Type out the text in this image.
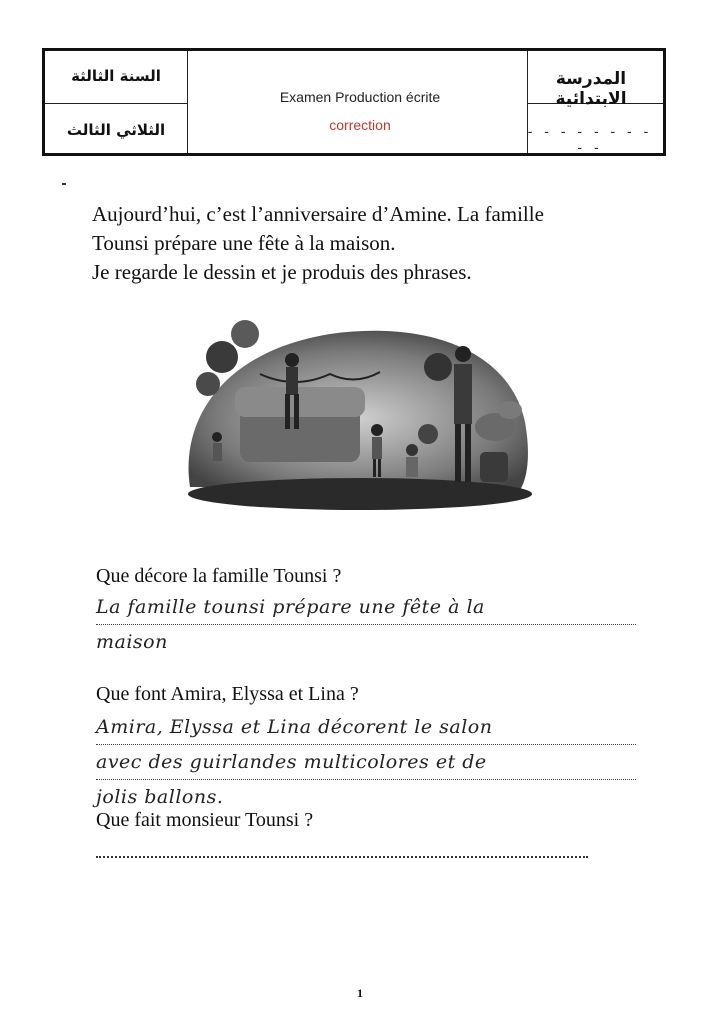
السنة الثالثة
الثلاثي الثالث
Examen Production écrite
correction
المدرسة الابتدائية
- - - - - - - - - -

Aujourd’hui, c’est l’anniversaire d’Amine. La famille

Tounsi prépare une fête à la maison.

Je regarde le dessin et je produis des phrases.

Que décore la famille Tounsi ?
La famille tounsi prépare une fête à la
maison
Que font Amira, Elyssa et Lina ?
Amira, Elyssa et Lina décorent le salon
avec des guirlandes multicolores et de
jolis ballons.
Que fait monsieur Tounsi ?
1
